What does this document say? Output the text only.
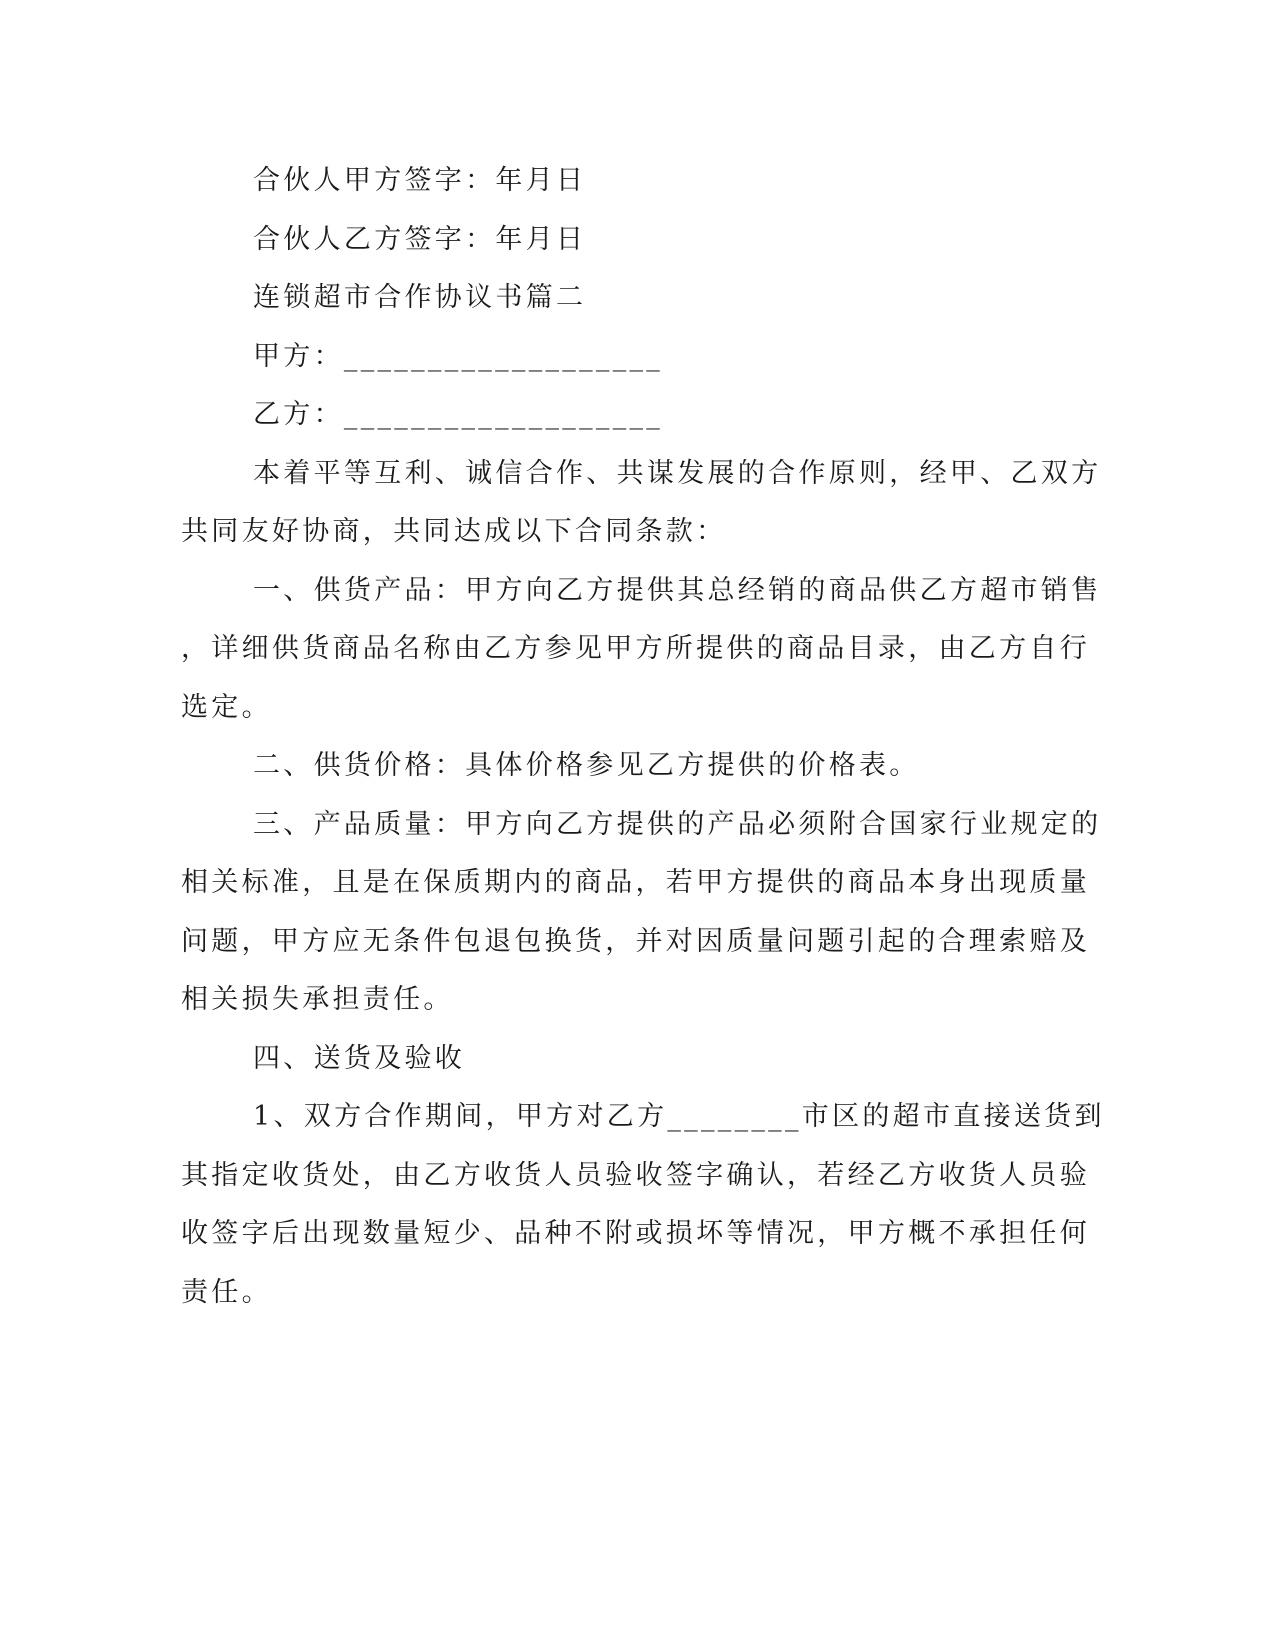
合伙人甲方签字：年月日
合伙人乙方签字：年月日
连锁超市合作协议书篇二
甲方：___________________
乙方：___________________
本着平等互利、诚信合作、共谋发展的合作原则，经甲、乙双方
共同友好协商，共同达成以下合同条款：
一、供货产品：甲方向乙方提供其总经销的商品供乙方超市销售
，详细供货商品名称由乙方参见甲方所提供的商品目录，由乙方自行
选定。
二、供货价格：具体价格参见乙方提供的价格表。
三、产品质量：甲方向乙方提供的产品必须附合国家行业规定的
相关标准，且是在保质期内的商品，若甲方提供的商品本身出现质量
问题，甲方应无条件包退包换货，并对因质量问题引起的合理索赔及
相关损失承担责任。
四、送货及验收
1、双方合作期间，甲方对乙方________市区的超市直接送货到
其指定收货处，由乙方收货人员验收签字确认，若经乙方收货人员验
收签字后出现数量短少、品种不附或损坏等情况，甲方概不承担任何
责任。
